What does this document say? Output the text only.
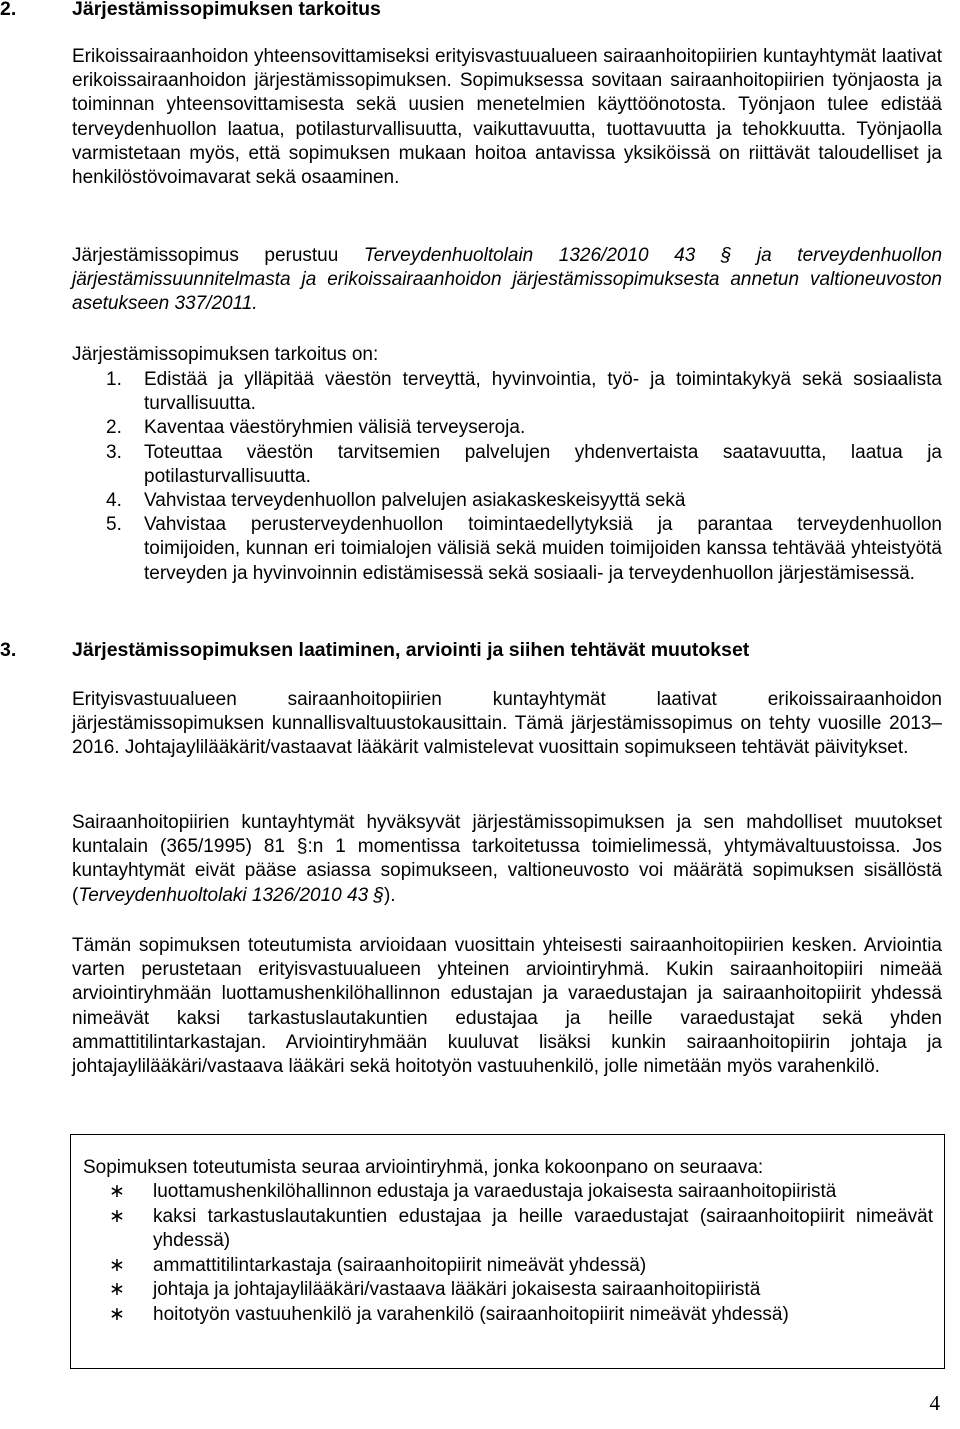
2.	Järjestämissopimuksen tarkoitus
Erikoissairaanhoidon yhteensovittamiseksi erityisvastuualueen sairaanhoitopiirien kuntayhtymät laativat erikoissairaanhoidon järjestämissopimuksen. Sopimuksessa sovitaan sairaanhoitopiirien työnjaosta ja toiminnan yhteensovittamisesta sekä uusien menetelmien käyttöönotosta. Työnjaon tulee edistää terveydenhuollon laatua, potilasturvallisuutta, vaikuttavuutta, tuottavuutta ja tehokkuutta. Työnjaolla varmistetaan myös, että sopimuksen mukaan hoitoa antavissa yksiköissä on riittävät taloudelliset ja henkilöstövoimavarat sekä osaaminen.
Järjestämissopimus perustuu Terveydenhuoltolain 1326/2010 43 § ja terveydenhuollon järjestämissuunnitelmasta ja erikoissairaanhoidon järjestämissopimuksesta annetun valtioneuvoston asetukseen 337/2011.
Järjestämissopimuksen tarkoitus on:
1.	Edistää ja ylläpitää väestön terveyttä, hyvinvointia, työ- ja toimintakykyä sekä sosiaalista turvallisuutta.
2.	Kaventaa väestöryhmien välisiä terveyseroja.
3.	Toteuttaa väestön tarvitsemien palvelujen yhdenvertaista saatavuutta, laatua ja potilasturvallisuutta.
4.	Vahvistaa terveydenhuollon palvelujen asiakaskeskeisyyttä sekä
5.	Vahvistaa perusterveydenhuollon toimintaedellytyksiä ja parantaa terveydenhuollon toimijoiden, kunnan eri toimialojen välisiä sekä muiden toimijoiden kanssa tehtävää yhteistyötä terveyden ja hyvinvoinnin edistämisessä sekä sosiaali- ja terveydenhuollon järjestämisessä.
3.	Järjestämissopimuksen laatiminen, arviointi ja siihen tehtävät muutokset
Erityisvastuualueen sairaanhoitopiirien kuntayhtymät laativat erikoissairaanhoidon järjestämissopimuksen kunnallisvaltuustokausittain. Tämä järjestämissopimus on tehty vuosille 2013–2016. Johtajaylilääkärit/vastaavat lääkärit valmistelevat vuosittain sopimukseen tehtävät päivitykset.
Sairaanhoitopiirien kuntayhtymät hyväksyvät järjestämissopimuksen ja sen mahdolliset muutokset kuntalain (365/1995) 81 §:n 1 momentissa tarkoitetussa toimielimessä, yhtymävaltuustoissa. Jos kuntayhtymät eivät pääse asiassa sopimukseen, valtioneuvosto voi määrätä sopimuksen sisällöstä (Terveydenhuoltolaki 1326/2010 43 §).
Tämän sopimuksen toteutumista arvioidaan vuosittain yhteisesti sairaanhoitopiirien kesken. Arviointia varten perustetaan erityisvastuualueen yhteinen arviointiryhmä. Kukin sairaanhoitopiiri nimeää arviointiryhmään luottamushenkilöhallinnon edustajan ja varaedustajan ja sairaanhoitopiirit yhdessä nimeävät kaksi tarkastuslautakuntien edustajaa ja heille varaedustajat sekä yhden ammattitilintarkastajan. Arviointiryhmään kuuluvat lisäksi kunkin sairaanhoitopiirin johtaja ja johtajaylilääkäri/vastaava lääkäri sekä hoitotyön vastuuhenkilö, jolle nimetään myös varahenkilö.
Sopimuksen toteutumista seuraa arviointiryhmä, jonka kokoonpano on seuraava:
∗	luottamushenkilöhallinnon edustaja ja varaedustaja jokaisesta sairaanhoitopiiristä
∗	kaksi tarkastuslautakuntien edustajaa ja heille varaedustajat (sairaanhoitopiirit nimeävät yhdessä)
∗	ammattitilintarkastaja (sairaanhoitopiirit nimeävät yhdessä)
∗	johtaja ja johtajaylilääkäri/vastaava lääkäri jokaisesta sairaanhoitopiiristä
∗	hoitotyön vastuuhenkilö ja varahenkilö (sairaanhoitopiirit nimeävät yhdessä)
4
